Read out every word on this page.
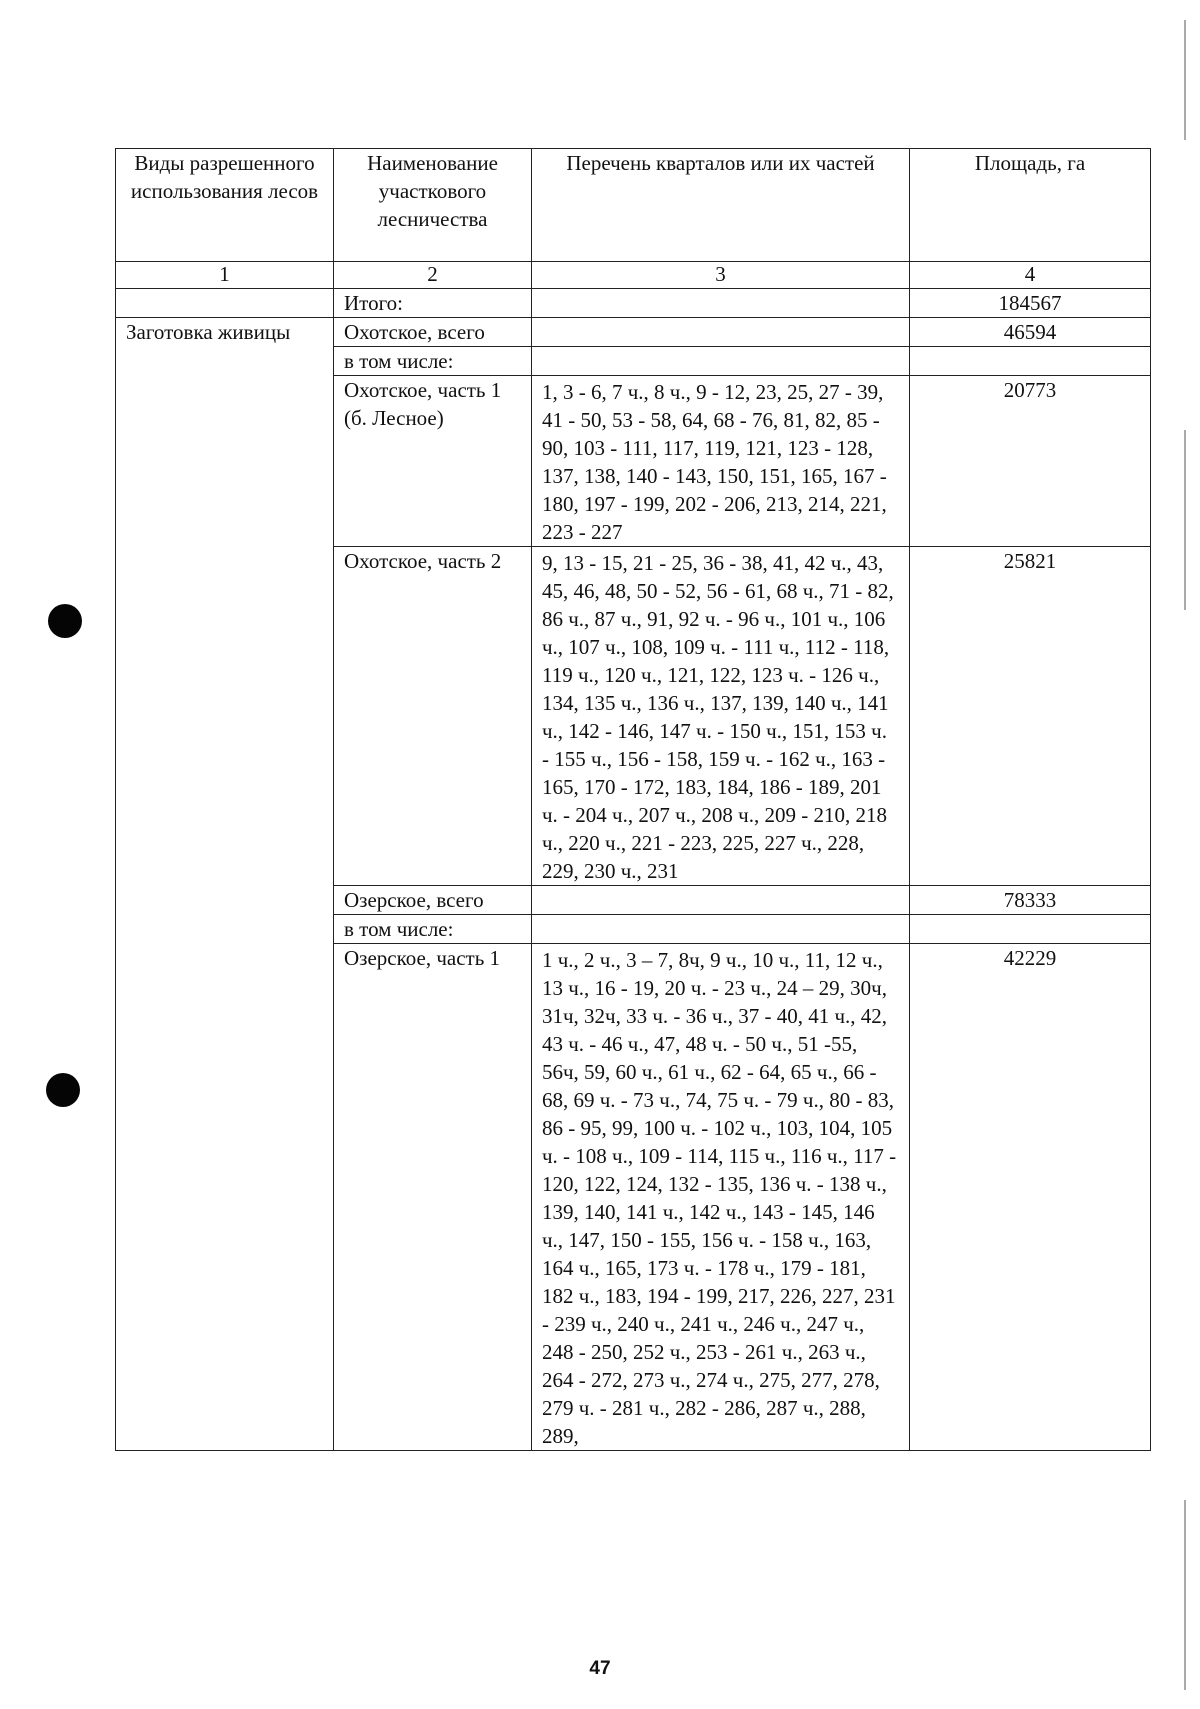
Виды разрешенного использования лесов	Наименование участкового лесничества	Перечень кварталов или их частей	Площадь, га
1	2	3	4
	Итого:		184567
Заготовка живицы	Охотское, всего		46594
	в том числе:		
	Охотское, часть 1 (б. Лесное)	1, 3 - 6, 7 ч., 8 ч., 9 - 12, 23, 25, 27 - 39, 41 - 50, 53 - 58, 64, 68 - 76, 81, 82, 85 - 90, 103 - 111, 117, 119, 121, 123 - 128, 137, 138, 140 - 143, 150, 151, 165, 167 - 180, 197 - 199, 202 - 206, 213, 214, 221, 223 - 227	20773
	Охотское, часть 2	9, 13 - 15, 21 - 25, 36 - 38, 41, 42 ч., 43, 45, 46, 48, 50 - 52, 56 - 61, 68 ч., 71 - 82, 86 ч., 87 ч., 91, 92 ч. - 96 ч., 101 ч., 106 ч., 107 ч., 108, 109 ч. - 111 ч., 112 - 118, 119 ч., 120 ч., 121, 122, 123 ч. - 126 ч., 134, 135 ч., 136 ч., 137, 139, 140 ч., 141 ч., 142 - 146, 147 ч. - 150 ч., 151, 153 ч. - 155 ч., 156 - 158, 159 ч. - 162 ч., 163 - 165, 170 - 172, 183, 184, 186 - 189, 201 ч. - 204 ч., 207 ч., 208 ч., 209 - 210, 218 ч., 220 ч., 221 - 223, 225, 227 ч., 228, 229, 230 ч., 231	25821
	Озерское, всего		78333
	в том числе:		
	Озерское, часть 1	1 ч., 2 ч., 3 – 7, 8ч, 9 ч., 10 ч., 11, 12 ч., 13 ч., 16 - 19, 20 ч. - 23 ч., 24 – 29, 30ч, 31ч, 32ч, 33 ч. - 36 ч., 37 - 40, 41 ч., 42, 43 ч. - 46 ч., 47, 48 ч. - 50 ч., 51 -55, 56ч, 59, 60 ч., 61 ч., 62 - 64, 65 ч., 66 - 68, 69 ч. - 73 ч., 74, 75 ч. - 79 ч., 80 - 83, 86 - 95, 99, 100 ч. - 102 ч., 103, 104, 105 ч. - 108 ч., 109 - 114, 115 ч., 116 ч., 117 - 120, 122, 124, 132 - 135, 136 ч. - 138 ч., 139, 140, 141 ч., 142 ч., 143 - 145, 146 ч., 147, 150 - 155, 156 ч. - 158 ч., 163, 164 ч., 165, 173 ч. - 178 ч., 179 - 181, 182 ч., 183, 194 - 199, 217, 226, 227, 231 - 239 ч., 240 ч., 241 ч., 246 ч., 247 ч., 248 - 250, 252 ч., 253 - 261 ч., 263 ч., 264 - 272, 273 ч., 274 ч., 275, 277, 278, 279 ч. - 281 ч., 282 - 286, 287 ч., 288, 289,	42229
47
